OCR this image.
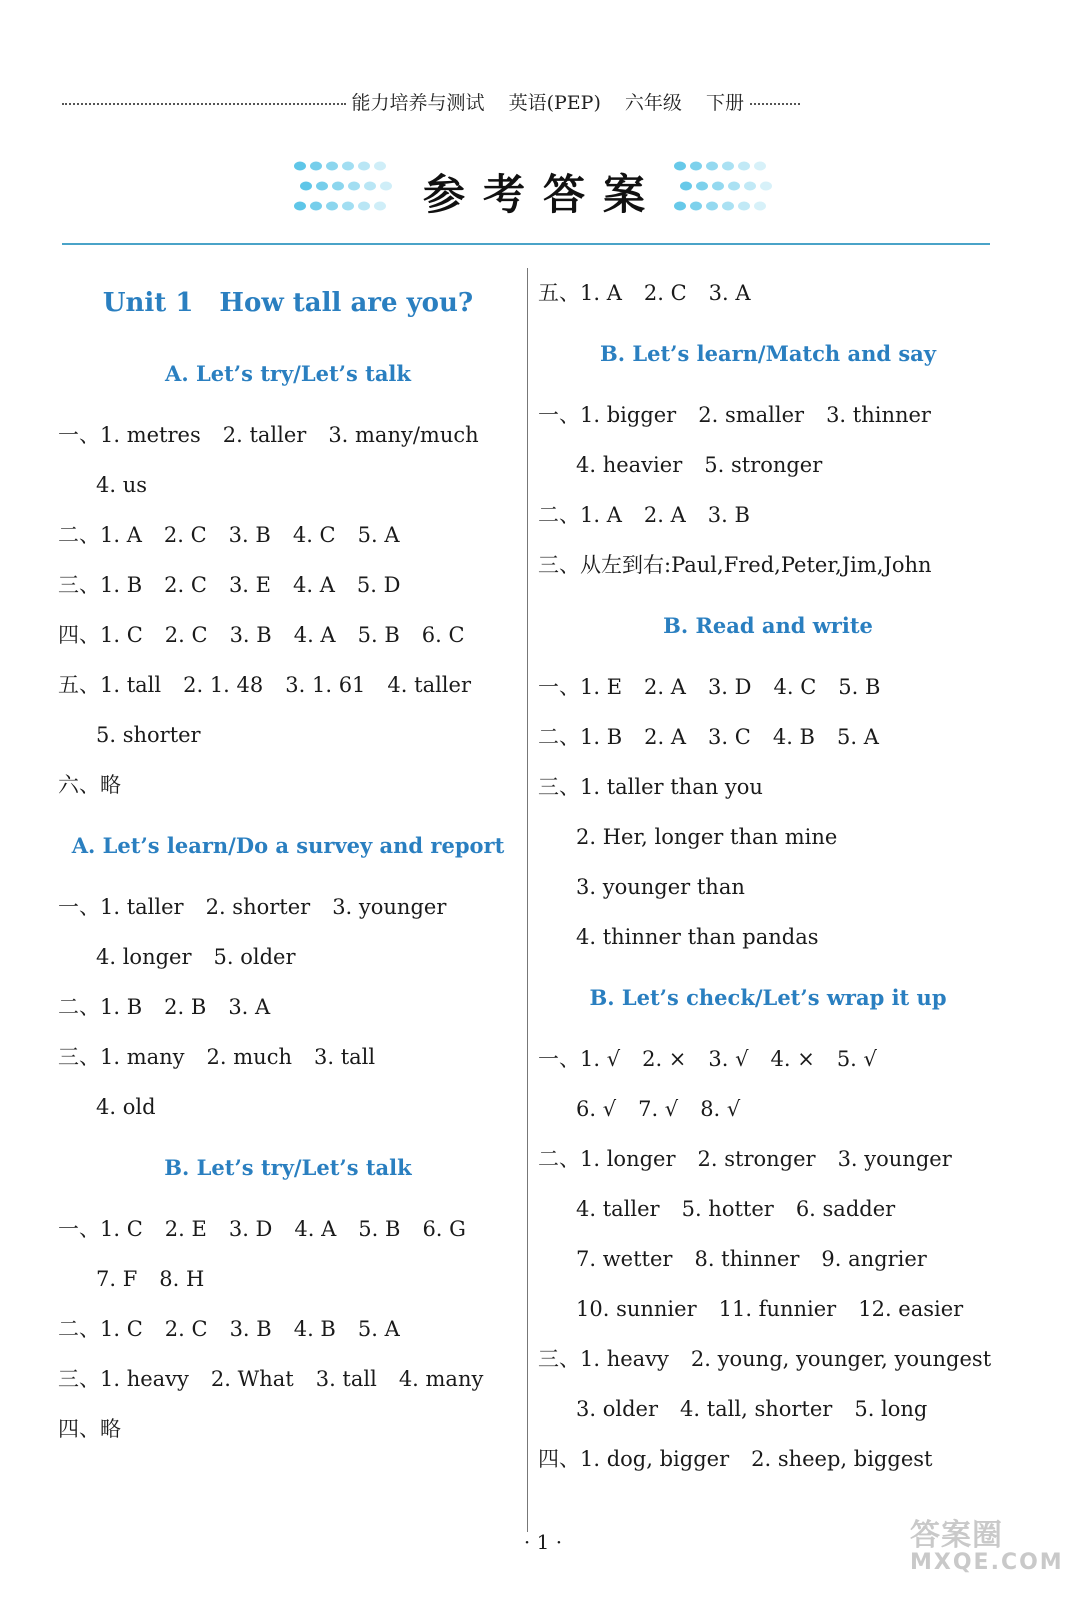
能力培养与测试 英语(PEP) 六年级 下册
参考答案
Unit 1　How tall are you?
A. Let’s try/Let’s talk
一、1. metres 2. taller 3. many/much
4. us
二、1. A 2. C 3. B 4. C 5. A
三、1. B 2. C 3. E 4. A 5. D
四、1. C 2. C 3. B 4. A 5. B 6. C
五、1. tall 2. 1. 48 3. 1. 61 4. taller
5. shorter
六、略
A. Let’s learn/Do a survey and report
一、1. taller 2. shorter 3. younger
4. longer 5. older
二、1. B 2. B 3. A
三、1. many 2. much 3. tall
4. old
B. Let’s try/Let’s talk
一、1. C 2. E 3. D 4. A 5. B 6. G
7. F 8. H
二、1. C 2. C 3. B 4. B 5. A
三、1. heavy 2. What 3. tall 4. many
四、略
五、1. A 2. C 3. A
B. Let’s learn/Match and say
一、1. bigger 2. smaller 3. thinner
4. heavier 5. stronger
二、1. A 2. A 3. B
三、从左到右:Paul,Fred,Peter,Jim,John
B. Read and write
一、1. E 2. A 3. D 4. C 5. B
二、1. B 2. A 3. C 4. B 5. A
三、1. taller than you
2. Her, longer than mine
3. younger than
4. thinner than pandas
B. Let’s check/Let’s wrap it up
一、1. √ 2. × 3. √ 4. × 5. √
6. √ 7. √ 8. √
二、1. longer 2. stronger 3. younger
4. taller 5. hotter 6. sadder
7. wetter 8. thinner 9. angrier
10. sunnier 11. funnier 12. easier
三、1. heavy 2. young, younger, youngest
3. older 4. tall, shorter 5. long
四、1. dog, bigger 2. sheep, biggest
· 1 ·	答案圈
MXQE.COM
